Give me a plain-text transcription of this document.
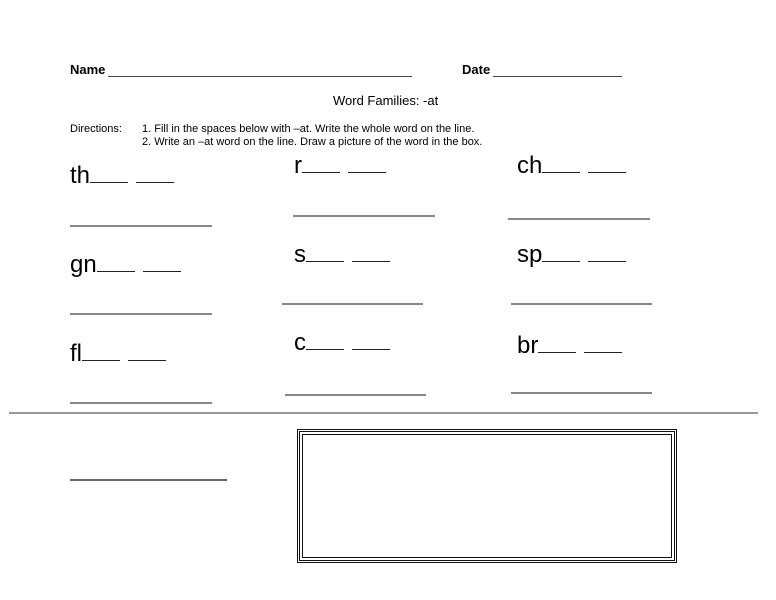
Name	Date
Word Families: -at
Directions: 1. Fill in the spaces below with –at. Write the whole word on the line.
2. Write an –at word on the line. Draw a picture of the word in the box.
th
gn
fl
r
s
c
ch
sp
br
